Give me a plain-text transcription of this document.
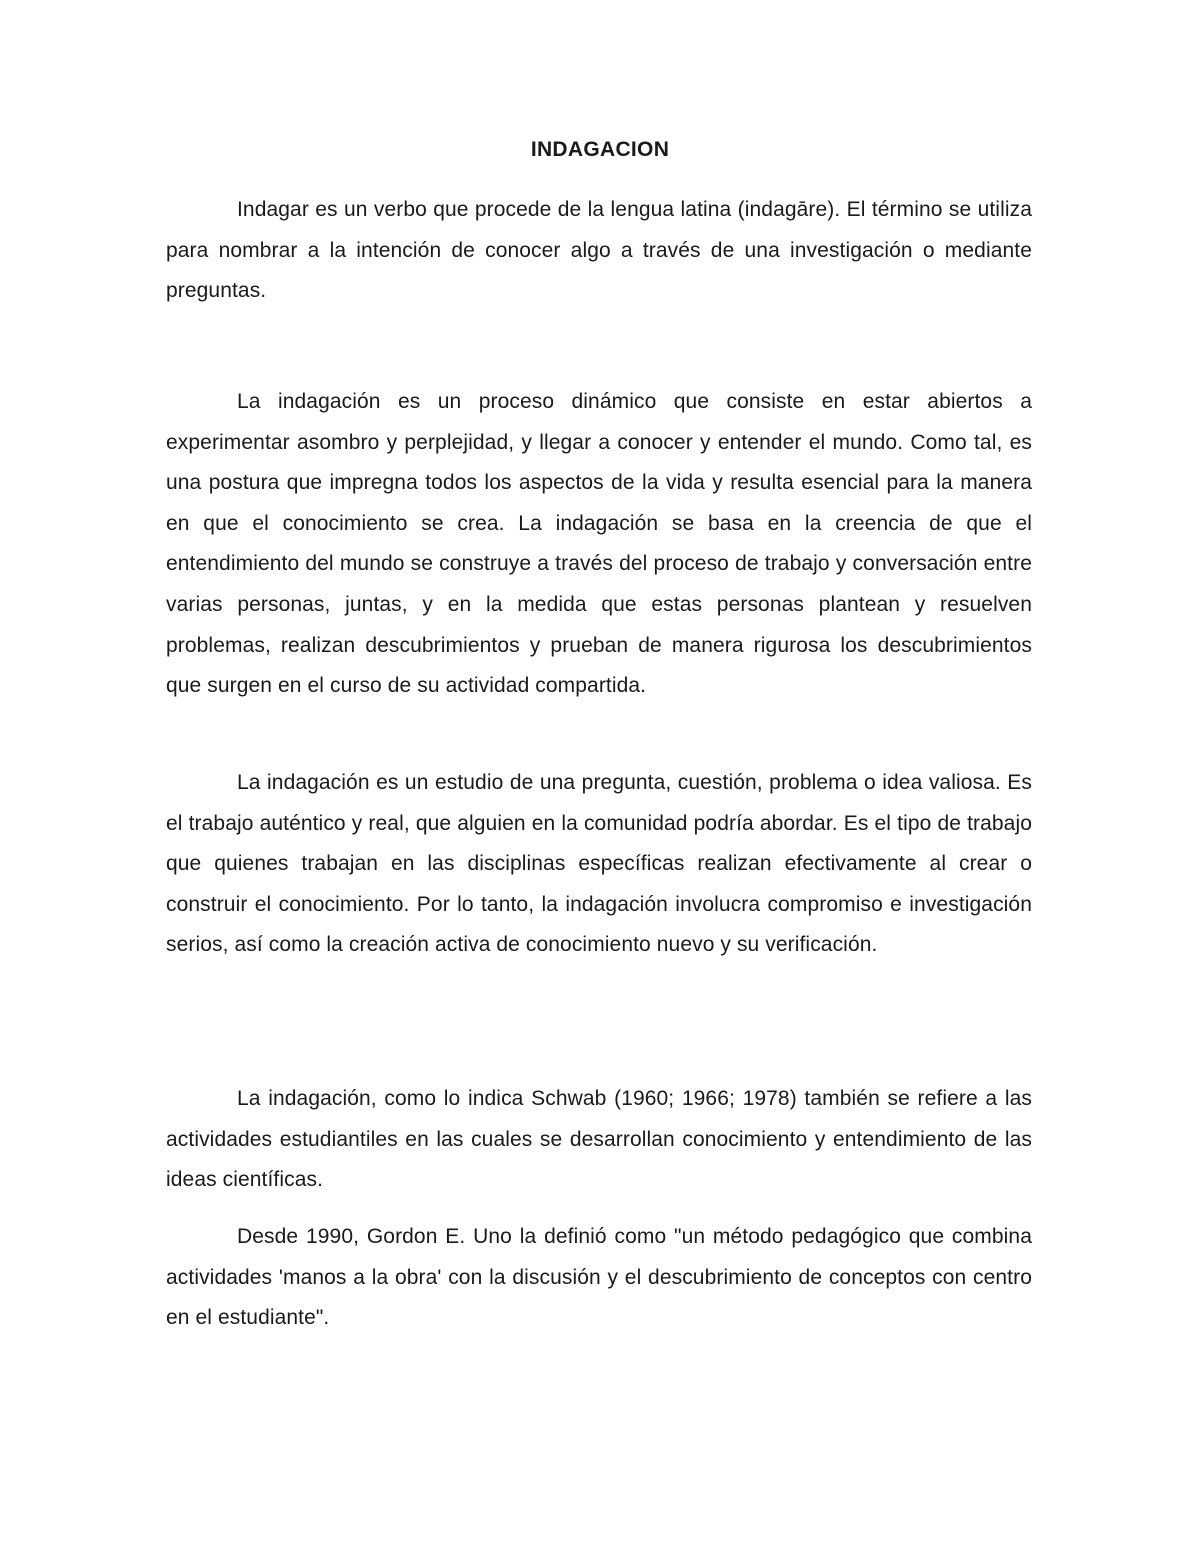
INDAGACION

Indagar es un verbo que procede de la lengua latina (indagāre). El término se utiliza para nombrar a la intención de conocer algo a través de una investigación o mediante preguntas.

La indagación es un proceso dinámico que consiste en estar abiertos a experimentar asombro y perplejidad, y llegar a conocer y entender el mundo. Como tal, es una postura que impregna todos los aspectos de la vida y resulta esencial para la manera en que el conocimiento se crea. La indagación se basa en la creencia de que el entendimiento del mundo se construye a través del proceso de trabajo y conversación entre varias personas, juntas, y en la medida que estas personas plantean y resuelven problemas, realizan descubrimientos y prueban de manera rigurosa los descubrimientos que surgen en el curso de su actividad compartida.

La indagación es un estudio de una pregunta, cuestión, problema o idea valiosa. Es el trabajo auténtico y real, que alguien en la comunidad podría abordar. Es el tipo de trabajo que quienes trabajan en las disciplinas específicas realizan efectivamente al crear o construir el conocimiento. Por lo tanto, la indagación involucra compromiso e investigación serios, así como la creación activa de conocimiento nuevo y su verificación.

La indagación, como lo indica Schwab (1960; 1966; 1978) también se refiere a las actividades estudiantiles en las cuales se desarrollan conocimiento y entendimiento de las ideas científicas.

Desde 1990, Gordon E. Uno la definió como "un método pedagógico que combina actividades 'manos a la obra' con la discusión y el descubrimiento de conceptos con centro en el estudiante".
